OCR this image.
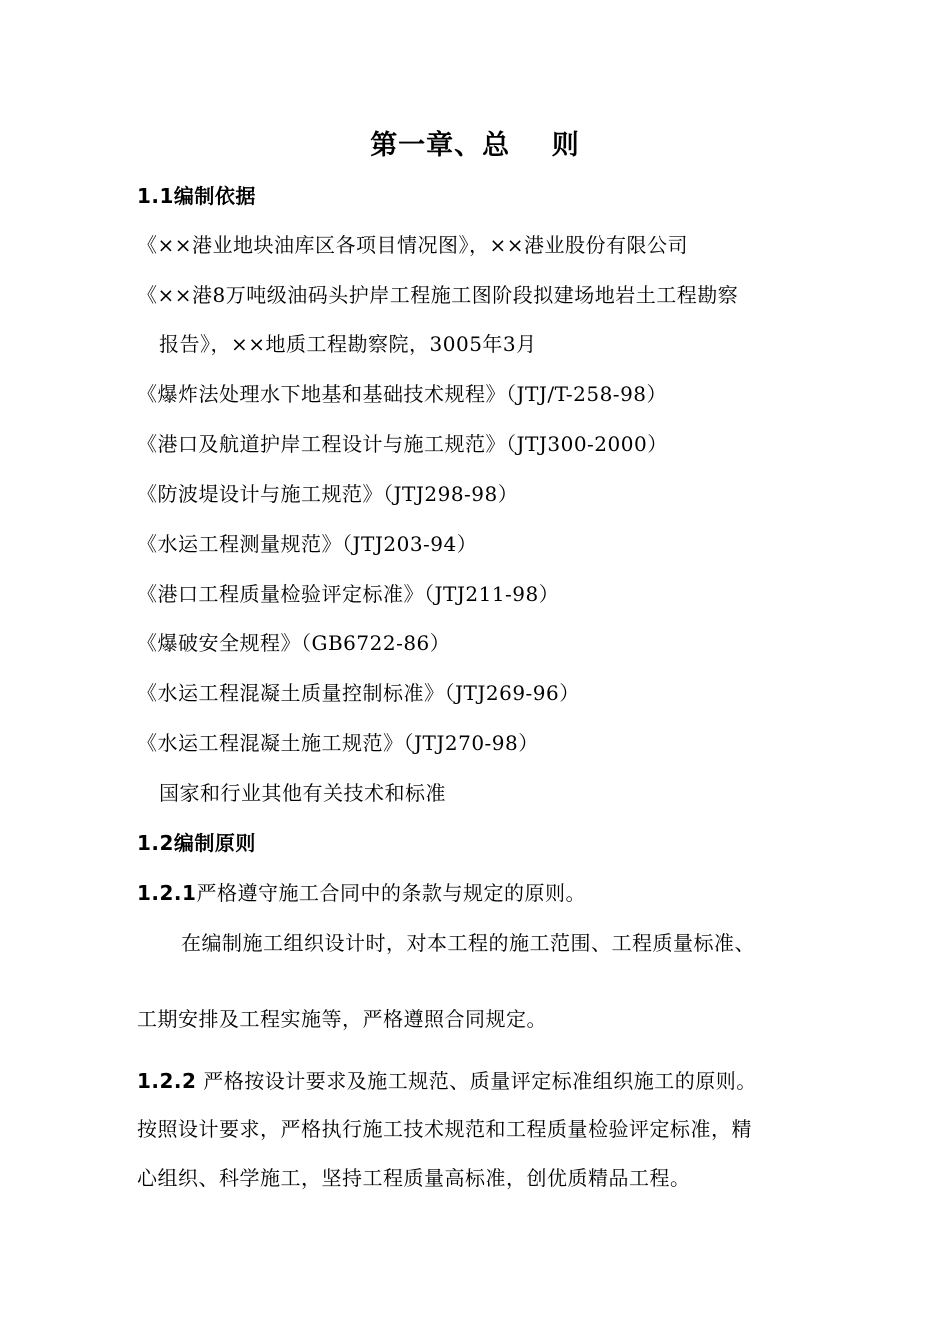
第一章、总    则
1.1编制依据
《××港业地块油库区各项目情况图》，××港业股份有限公司
《××港8万吨级油码头护岸工程施工图阶段拟建场地岩土工程勘察
报告》，××地质工程勘察院，3005年3月
《爆炸法处理水下地基和基础技术规程》（JTJ/T-258-98）
《港口及航道护岸工程设计与施工规范》（JTJ300-2000）
《防波堤设计与施工规范》（JTJ298-98）
《水运工程测量规范》（JTJ203-94）
《港口工程质量检验评定标准》（JTJ211-98）
《爆破安全规程》（GB6722-86）
《水运工程混凝土质量控制标准》（JTJ269-96）
《水运工程混凝土施工规范》（JTJ270-98）
国家和行业其他有关技术和标准
1.2编制原则
1.2.1严格遵守施工合同中的条款与规定的原则。
在编制施工组织设计时，对本工程的施工范围、工程质量标准、
工期安排及工程实施等，严格遵照合同规定。
1.2.2 严格按设计要求及施工规范、质量评定标准组织施工的原则。
按照设计要求，严格执行施工技术规范和工程质量检验评定标准，精
心组织、科学施工，坚持工程质量高标准，创优质精品工程。
